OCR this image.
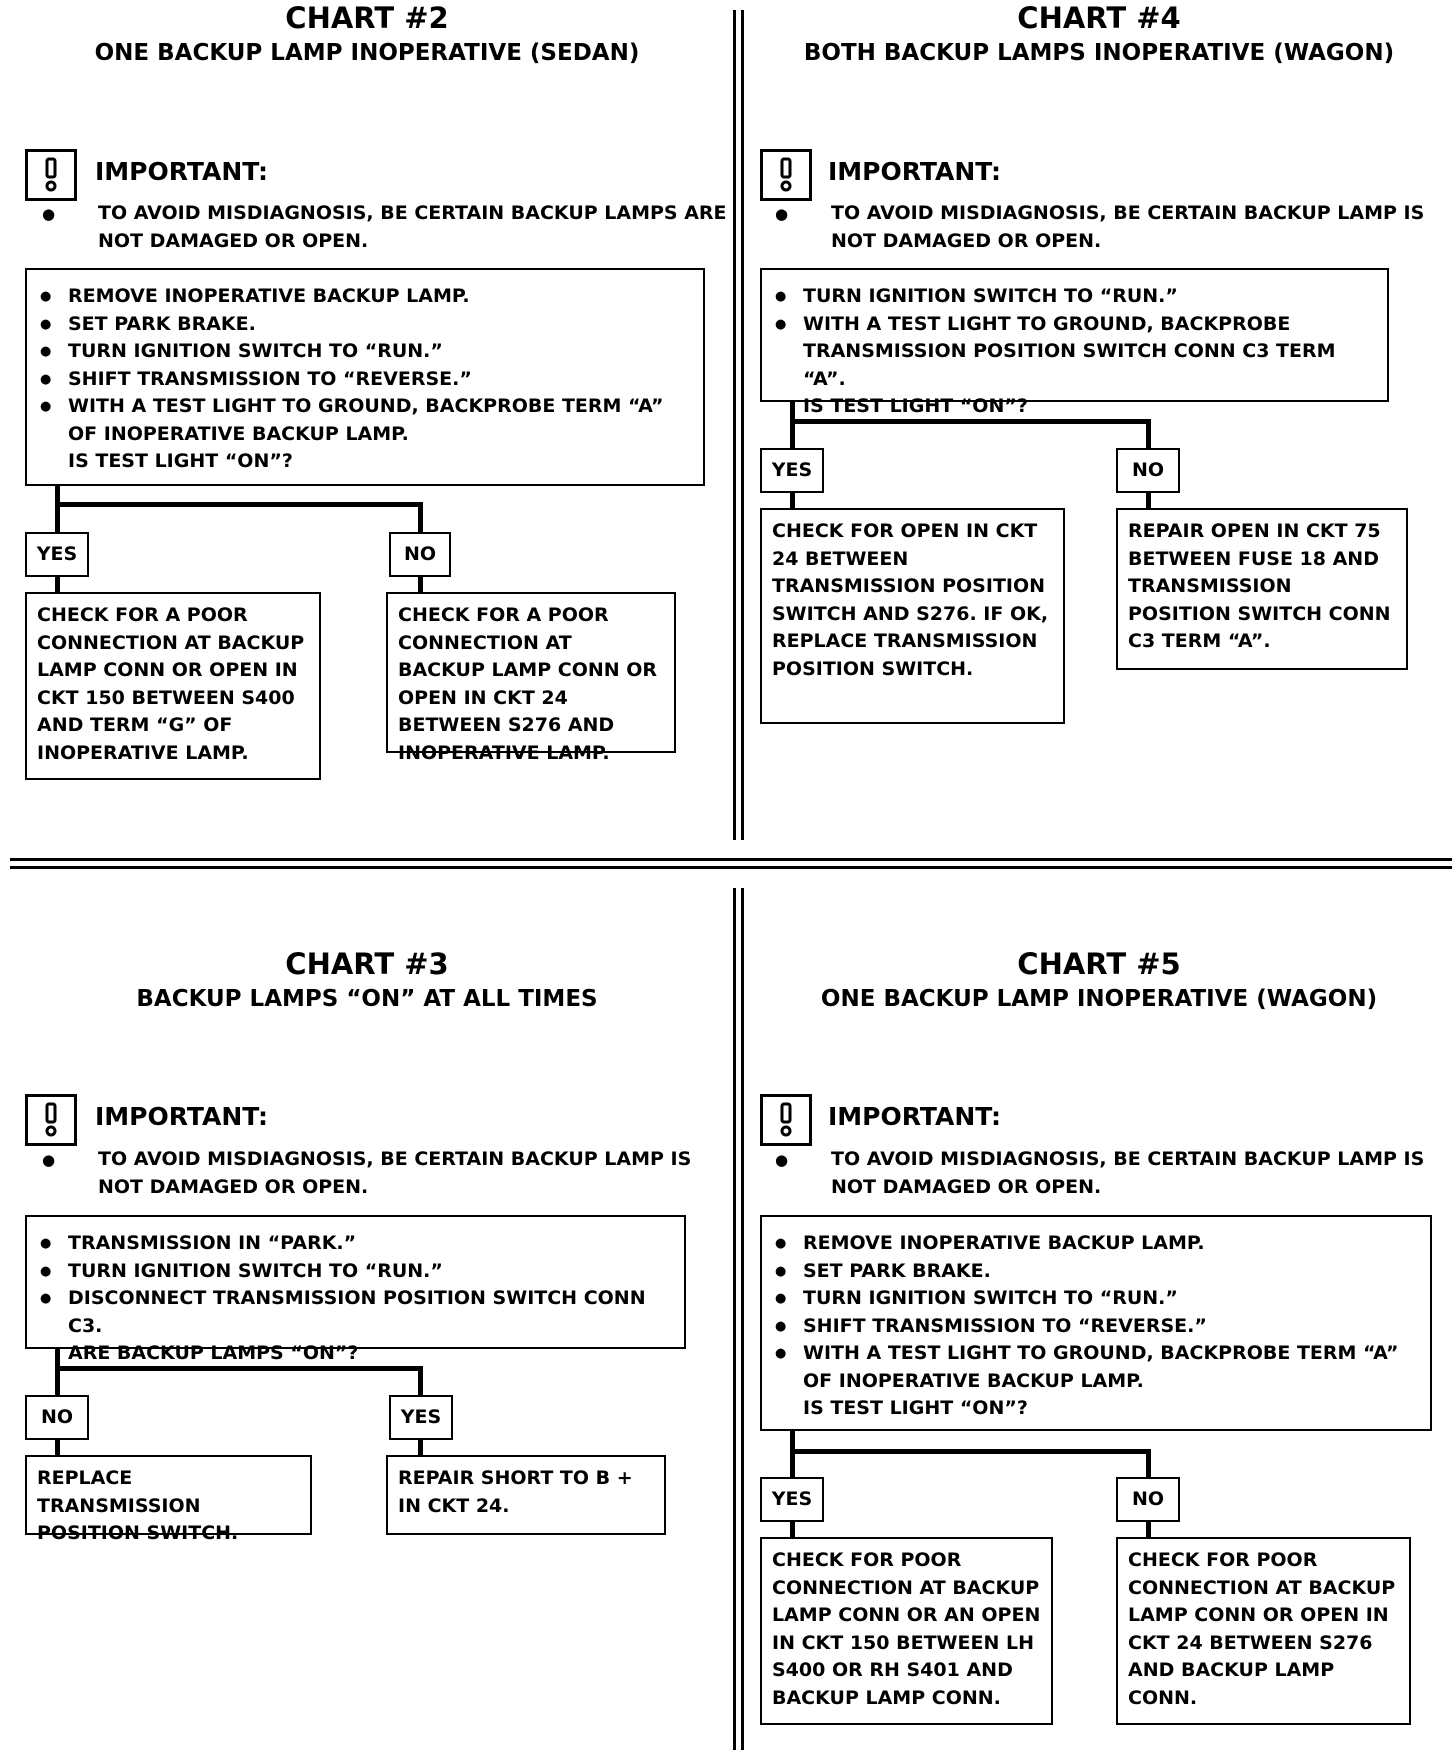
CHART #2
ONE BACKUP LAMP INOPERATIVE (SEDAN)
IMPORTANT:
● TO AVOID MISDIAGNOSIS, BE CERTAIN BACKUP LAMPS ARE NOT DAMAGED OR OPEN.
● REMOVE INOPERATIVE BACKUP LAMP.
● SET PARK BRAKE.
● TURN IGNITION SWITCH TO “RUN.”
● SHIFT TRANSMISSION TO “REVERSE.”
● WITH A TEST LIGHT TO GROUND, BACKPROBE TERM “A” OF INOPERATIVE BACKUP LAMP.
IS TEST LIGHT “ON”?
YES	NO
CHECK FOR A POOR CONNECTION AT BACKUP LAMP CONN OR OPEN IN CKT 150 BETWEEN S400 AND TERM “G” OF INOPERATIVE LAMP.
CHECK FOR A POOR CONNECTION AT BACKUP LAMP CONN OR OPEN IN CKT 24 BETWEEN S276 AND INOPERATIVE LAMP.
CHART #4
BOTH BACKUP LAMPS INOPERATIVE (WAGON)
IMPORTANT:
● TO AVOID MISDIAGNOSIS, BE CERTAIN BACKUP LAMP IS NOT DAMAGED OR OPEN.
● TURN IGNITION SWITCH TO “RUN.”
● WITH A TEST LIGHT TO GROUND, BACKPROBE TRANSMISSION POSITION SWITCH CONN C3 TERM “A”.
IS TEST LIGHT “ON”?
YES	NO
CHECK FOR OPEN IN CKT 24 BETWEEN TRANSMISSION POSITION SWITCH AND S276. IF OK, REPLACE TRANSMISSION POSITION SWITCH.
REPAIR OPEN IN CKT 75 BETWEEN FUSE 18 AND TRANSMISSION POSITION SWITCH CONN C3 TERM “A”.
CHART #3
BACKUP LAMPS “ON” AT ALL TIMES
IMPORTANT:
● TO AVOID MISDIAGNOSIS, BE CERTAIN BACKUP LAMP IS NOT DAMAGED OR OPEN.
● TRANSMISSION IN “PARK.”
● TURN IGNITION SWITCH TO “RUN.”
● DISCONNECT TRANSMISSION POSITION SWITCH CONN C3.
ARE BACKUP LAMPS “ON”?
NO	YES
REPLACE TRANSMISSION POSITION SWITCH.
REPAIR SHORT TO B + IN CKT 24.
CHART #5
ONE BACKUP LAMP INOPERATIVE (WAGON)
IMPORTANT:
● TO AVOID MISDIAGNOSIS, BE CERTAIN BACKUP LAMP IS NOT DAMAGED OR OPEN.
● REMOVE INOPERATIVE BACKUP LAMP.
● SET PARK BRAKE.
● TURN IGNITION SWITCH TO “RUN.”
● SHIFT TRANSMISSION TO “REVERSE.”
● WITH A TEST LIGHT TO GROUND, BACKPROBE TERM “A” OF INOPERATIVE BACKUP LAMP.
IS TEST LIGHT “ON”?
YES	NO
CHECK FOR POOR CONNECTION AT BACKUP LAMP CONN OR AN OPEN IN CKT 150 BETWEEN LH S400 OR RH S401 AND BACKUP LAMP CONN.
CHECK FOR POOR CONNECTION AT BACKUP LAMP CONN OR OPEN IN CKT 24 BETWEEN S276 AND BACKUP LAMP CONN.
